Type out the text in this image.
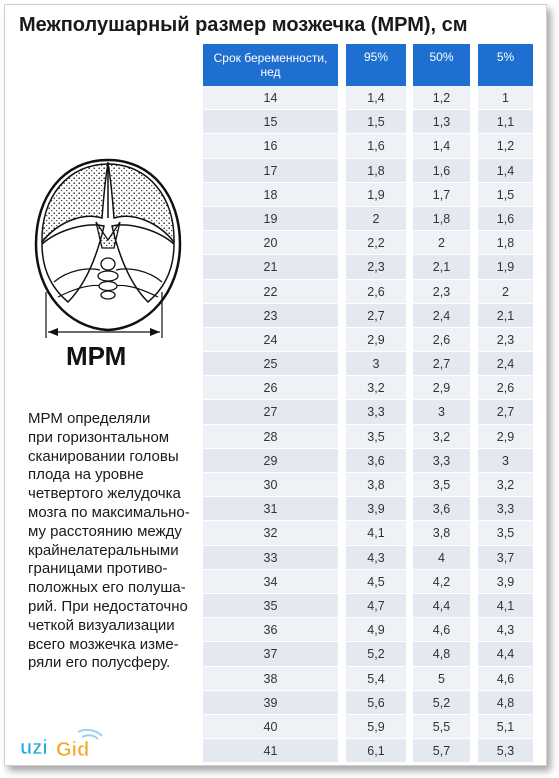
Межполушарный размер мозжечка (МРМ), см
Срок беременности, нед
14
15
16
17
18
19
20
21
22
23
24
25
26
27
28
29
30
31
32
33
34
35
36
37
38
39
40
41
95%
1,4
1,5
1,6
1,8
1,9
2
2,2
2,3
2,6
2,7
2,9
3
3,2
3,3
3,5
3,6
3,8
3,9
4,1
4,3
4,5
4,7
4,9
5,2
5,4
5,6
5,9
6,1
50%
1,2
1,3
1,4
1,6
1,7
1,8
2
2,1
2,3
2,4
2,6
2,7
2,9
3
3,2
3,3
3,5
3,6
3,8
4
4,2
4,4
4,6
4,8
5
5,2
5,5
5,7
5%
1
1,1
1,2
1,4
1,5
1,6
1,8
1,9
2
2,1
2,3
2,4
2,6
2,7
2,9
3
3,2
3,3
3,5
3,7
3,9
4,1
4,3
4,4
4,6
4,8
5,1
5,3
МРМ
МРМ определяли
при горизонтальном
сканировании головы
плода на уровне
четвертого желудочка
мозга по максимально-
му расстоянию между
крайнелатеральными
границами противо-
положных его полуша-
рий. При недостаточно
четкой визуализации
всего мозжечка изме-
ряли его полусферу.
uzi Gid
